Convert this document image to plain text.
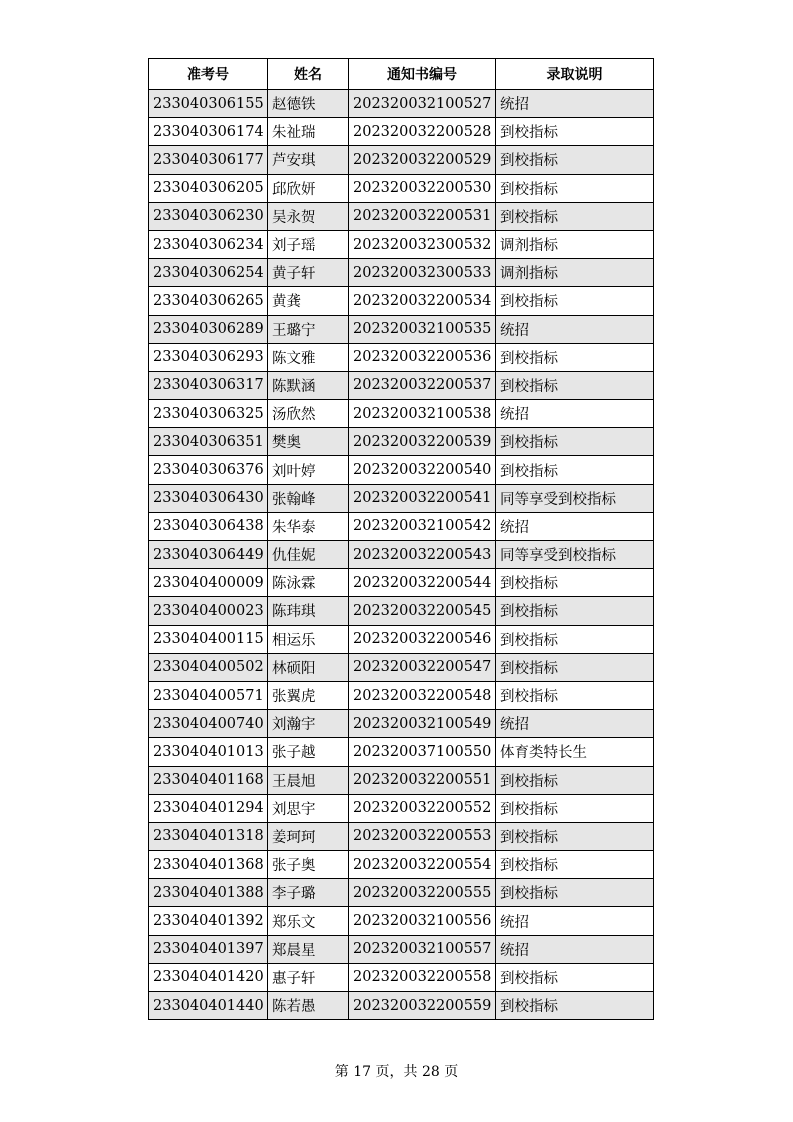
准考号	姓名	通知书编号	录取说明
233040306155	赵德铁	202320032100527	统招
233040306174	朱祉瑞	202320032200528	到校指标
233040306177	芦安琪	202320032200529	到校指标
233040306205	邱欣妍	202320032200530	到校指标
233040306230	吴永贺	202320032200531	到校指标
233040306234	刘子瑶	202320032300532	调剂指标
233040306254	黄子轩	202320032300533	调剂指标
233040306265	黄龚	202320032200534	到校指标
233040306289	王璐宁	202320032100535	统招
233040306293	陈文雅	202320032200536	到校指标
233040306317	陈默涵	202320032200537	到校指标
233040306325	汤欣然	202320032100538	统招
233040306351	樊奥	202320032200539	到校指标
233040306376	刘叶婷	202320032200540	到校指标
233040306430	张翰峰	202320032200541	同等享受到校指标
233040306438	朱华泰	202320032100542	统招
233040306449	仇佳妮	202320032200543	同等享受到校指标
233040400009	陈泳霖	202320032200544	到校指标
233040400023	陈玮琪	202320032200545	到校指标
233040400115	相运乐	202320032200546	到校指标
233040400502	林硕阳	202320032200547	到校指标
233040400571	张翼虎	202320032200548	到校指标
233040400740	刘瀚宇	202320032100549	统招
233040401013	张子越	202320037100550	体育类特长生
233040401168	王晨旭	202320032200551	到校指标
233040401294	刘思宇	202320032200552	到校指标
233040401318	姜珂珂	202320032200553	到校指标
233040401368	张子奥	202320032200554	到校指标
233040401388	李子璐	202320032200555	到校指标
233040401392	郑乐文	202320032100556	统招
233040401397	郑晨星	202320032100557	统招
233040401420	惠子轩	202320032200558	到校指标
233040401440	陈若愚	202320032200559	到校指标
第 17 页，共 28 页
